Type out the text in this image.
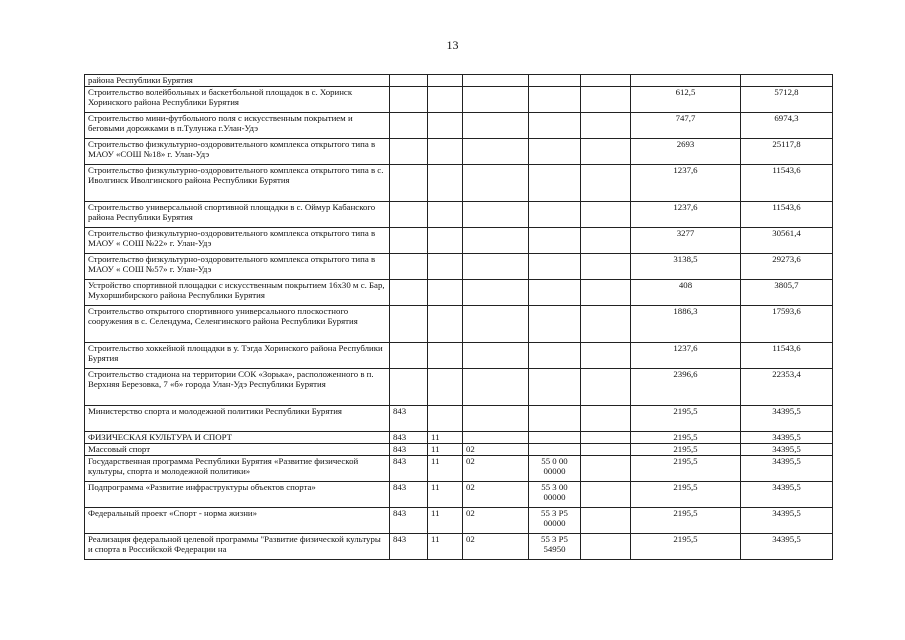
13
района Республики Бурятия							
Строительство волейбольных и баскетбольной площадок в с. Хоринск Хоринского района Республики Бурятия						612,5	5712,8
Строительство мини-футбольного поля с искусственным покрытием и беговыми дорожками в п.Тулунжа г.Улан-Удэ						747,7	6974,3
Строительство физкультурно-оздоровительного комплекса открытого типа в МАОУ «СОШ №18» г. Улан-Удэ						2693	25117,8
Строительство физкультурно-оздоровительного комплекса открытого типа в с. Иволгинск Иволгинского района Республики Бурятия						1237,6	11543,6
Строительство универсальной спортивной площадки в с. Оймур Кабанского района Республики Бурятия						1237,6	11543,6
Строительство физкультурно-оздоровительного комплекса открытого типа в МАОУ « СОШ №22» г. Улан-Удэ						3277	30561,4
Строительство физкультурно-оздоровительного комплекса открытого типа в МАОУ « СОШ №57» г. Улан-Удэ						3138,5	29273,6
Устройство спортивной площадки с искусственным покрытием 16х30 м с. Бар, Мухоршибирского района Республики Бурятия						408	3805,7
Строительство открытого спортивного универсального плоскостного сооружения в с. Селендума, Селенгинского района Республики Бурятия						1886,3	17593,6
Строительство хоккейной площадки в у. Тэгда Хоринского района Республики Бурятия						1237,6	11543,6
Строительство стадиона на территории СОК «Зорька», расположенного в п. Верхняя Березовка, 7 «б» города Улан-Удэ Республики Бурятия						2396,6	22353,4
Министерство спорта и молодежной политики Республики Бурятия	843					2195,5	34395,5
ФИЗИЧЕСКАЯ КУЛЬТУРА И СПОРТ	843	11				2195,5	34395,5
Массовый спорт	843	11	02			2195,5	34395,5
Государственная программа Республики Бурятия «Развитие физической культуры, спорта и молодежной политики»	843	11	02	55 0 00 00000		2195,5	34395,5
Подпрограмма «Развитие инфраструктуры объектов спорта»	843	11	02	55 3 00 00000		2195,5	34395,5
Федеральный проект «Спорт - норма жизни»	843	11	02	55 3 Р5 00000		2195,5	34395,5
Реализация федеральной целевой программы "Развитие физической культуры и спорта в Российской Федерации на	843	11	02	55 3 Р5 54950		2195,5	34395,5
